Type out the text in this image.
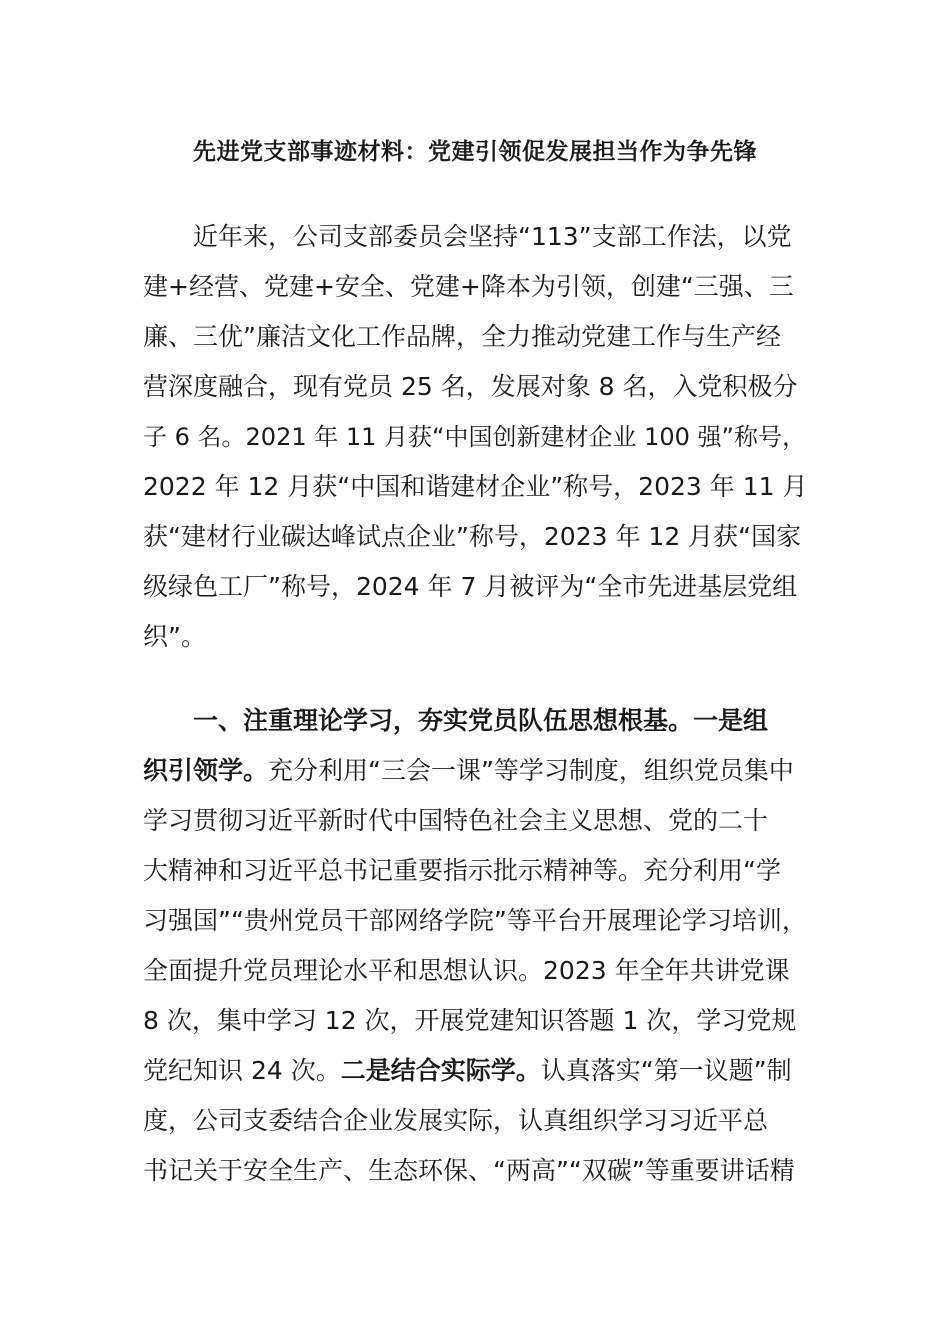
先进党支部事迹材料：党建引领促发展担当作为争先锋
近年来，公司支部委员会坚持“113”支部工作法，以党
建+经营、党建+安全、党建+降本为引领，创建“三强、三
廉、三优”廉洁文化工作品牌，全力推动党建工作与生产经
营深度融合，现有党员 25 名，发展对象 8 名，入党积极分
子 6 名。2021 年 11 月获“中国创新建材企业 100 强”称号，
2022 年 12 月获“中国和谐建材企业”称号，2023 年 11 月
获“建材行业碳达峰试点企业”称号，2023 年 12 月获“国家
级绿色工厂”称号，2024 年 7 月被评为“全市先进基层党组
织”。
一、注重理论学习，夯实党员队伍思想根基。一是组
织引领学。充分利用“三会一课”等学习制度，组织党员集中
学习贯彻习近平新时代中国特色社会主义思想、党的二十
大精神和习近平总书记重要指示批示精神等。充分利用“学
习强国”“贵州党员干部网络学院”等平台开展理论学习培训，
全面提升党员理论水平和思想认识。2023 年全年共讲党课
8 次，集中学习 12 次，开展党建知识答题 1 次，学习党规
党纪知识 24 次。二是结合实际学。认真落实“第一议题”制
度，公司支委结合企业发展实际，认真组织学习习近平总
书记关于安全生产、生态环保、“两高”“双碳”等重要讲话精
